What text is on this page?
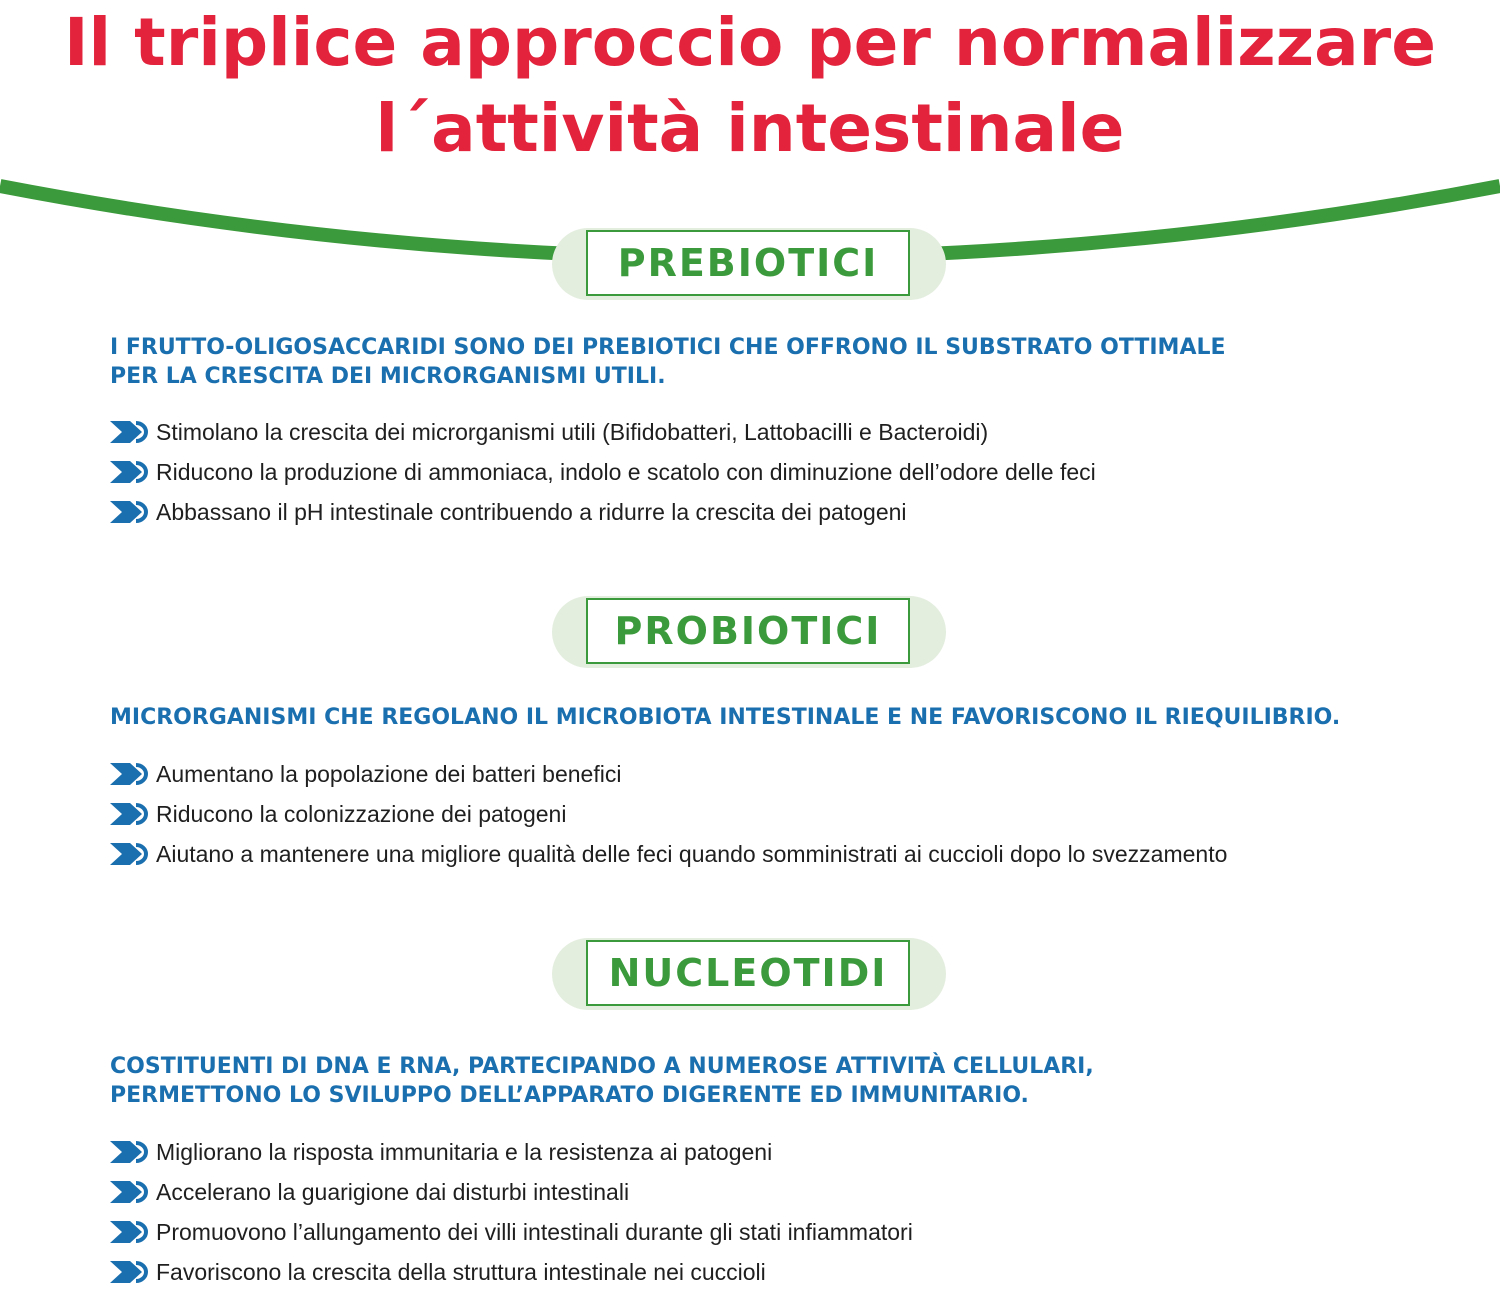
Il triplice approccio per normalizzare
l´attività intestinale
PREBIOTICI
I FRUTTO-OLIGOSACCARIDI SONO DEI PREBIOTICI CHE OFFRONO IL SUBSTRATO OTTIMALE
PER LA CRESCITA DEI MICRORGANISMI UTILI.
Stimolano la crescita dei microrganismi utili (Bifidobatteri, Lattobacilli e Bacteroidi)
Riducono la produzione di ammoniaca, indolo e scatolo con diminuzione dell’odore delle feci
Abbassano il pH intestinale contribuendo a ridurre la crescita dei patogeni
PROBIOTICI
MICRORGANISMI CHE REGOLANO IL MICROBIOTA INTESTINALE E NE FAVORISCONO IL RIEQUILIBRIO.
Aumentano la popolazione dei batteri benefici
Riducono la colonizzazione dei patogeni
Aiutano a mantenere una migliore qualità delle feci quando somministrati ai cuccioli dopo lo svezzamento
NUCLEOTIDI
COSTITUENTI DI DNA E RNA, PARTECIPANDO A NUMEROSE ATTIVITÀ CELLULARI,
PERMETTONO LO SVILUPPO DELL’APPARATO DIGERENTE ED IMMUNITARIO.
Migliorano la risposta immunitaria e la resistenza ai patogeni
Accelerano la guarigione dai disturbi intestinali
Promuovono l’allungamento dei villi intestinali durante gli stati infiammatori
Favoriscono la crescita della struttura intestinale nei cuccioli
